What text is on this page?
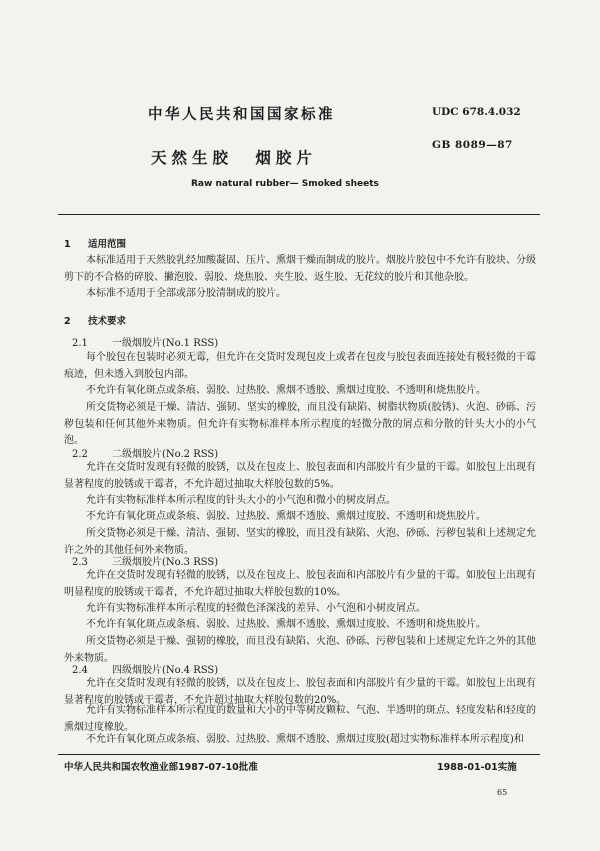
中华人民共和国国家标准	UDC 678.4.032
GB 8089—87
天然生胶 烟胶片
Raw natural rubber— Smoked sheets
1 适用范围
本标准适用于天然胶乳经加酸凝固、压片、熏烟干燥而制成的胶片。烟胶片胶包中不允许有胶块、分级剪下的不合格的碎胶、撇泡胶、弱胶、烧焦胶、夹生胶、返生胶、无花纹的胶片和其他杂胶。
本标准不适用于全部或部分胶清制成的胶片。
2 技术要求
2.1 一级烟胶片(No.1 RSS)
每个胶包在包装时必须无霉，但允许在交货时发现包皮上或者在包皮与胶包表面连接处有极轻微的干霉痕迹，但未透入到胶包内部。
不允许有氧化斑点或条痕、弱胶、过热胶、熏烟不透胶、熏烟过度胶、不透明和烧焦胶片。
所交货物必须是干燥、清洁、强韧、坚实的橡胶，而且没有缺陷、树脂状物质(胶锈)、火泡、砂砾、污秽包装和任何其他外来物质。但允许有实物标准样本所示程度的轻微分散的屑点和分散的针头大小的小气泡。
2.2 二级烟胶片(No.2 RSS)
允许在交货时发现有轻微的胶锈，以及在包皮上、胶包表面和内部胶片有少量的干霉。如胶包上出现有显著程度的胶锈或干霉者，不允许超过抽取大样胶包数的5%。
允许有实物标准样本所示程度的针头大小的小气泡和微小的树皮屑点。
不允许有氧化斑点或条痕、弱胶、过热胶、熏烟不透胶、熏烟过度胶、不透明和烧焦胶片。
所交货物必须是干燥、清洁、强韧、坚实的橡胶，而且没有缺陷、火泡、砂砾、污秽包装和上述规定允许之外的其他任何外来物质。
2.3 三级烟胶片(No.3 RSS)
允许在交货时发现有轻微的胶锈，以及在包皮上、胶包表面和内部胶片有少量的干霉。如胶包上出现有明显程度的胶锈或干霉者，不允许超过抽取大样胶包数的10%。
允许有实物标准样本所示程度的轻微色泽深浅的差异、小气泡和小树皮屑点。
不允许有氧化斑点或条痕、弱胶、过热胶、熏烟不透胶、熏烟过度胶、不透明和烧焦胶片。
所交货物必须是干燥、强韧的橡胶，而且没有缺陷、火泡、砂砾、污秽包装和上述规定允许之外的其他外来物质。
2.4 四级烟胶片(No.4 RSS)
允许在交货时发现有轻微的胶锈，以及在包皮上、胶包表面和内部胶片有少量的干霉。如胶包上出现有显著程度的胶锈或干霉者，不允许超过抽取大样胶包数的20%。
允许有实物标准样本所示程度的数量和大小的中等树皮颗粒、气泡、半透明的斑点、轻度发粘和轻度的熏烟过度橡胶。
不允许有氧化斑点或条痕、弱胶、过热胶、熏烟不透胶、熏烟过度胶(超过实物标准样本所示程度)和
中华人民共和国农牧渔业部1987-07-10批准	1988-01-01实施
65
